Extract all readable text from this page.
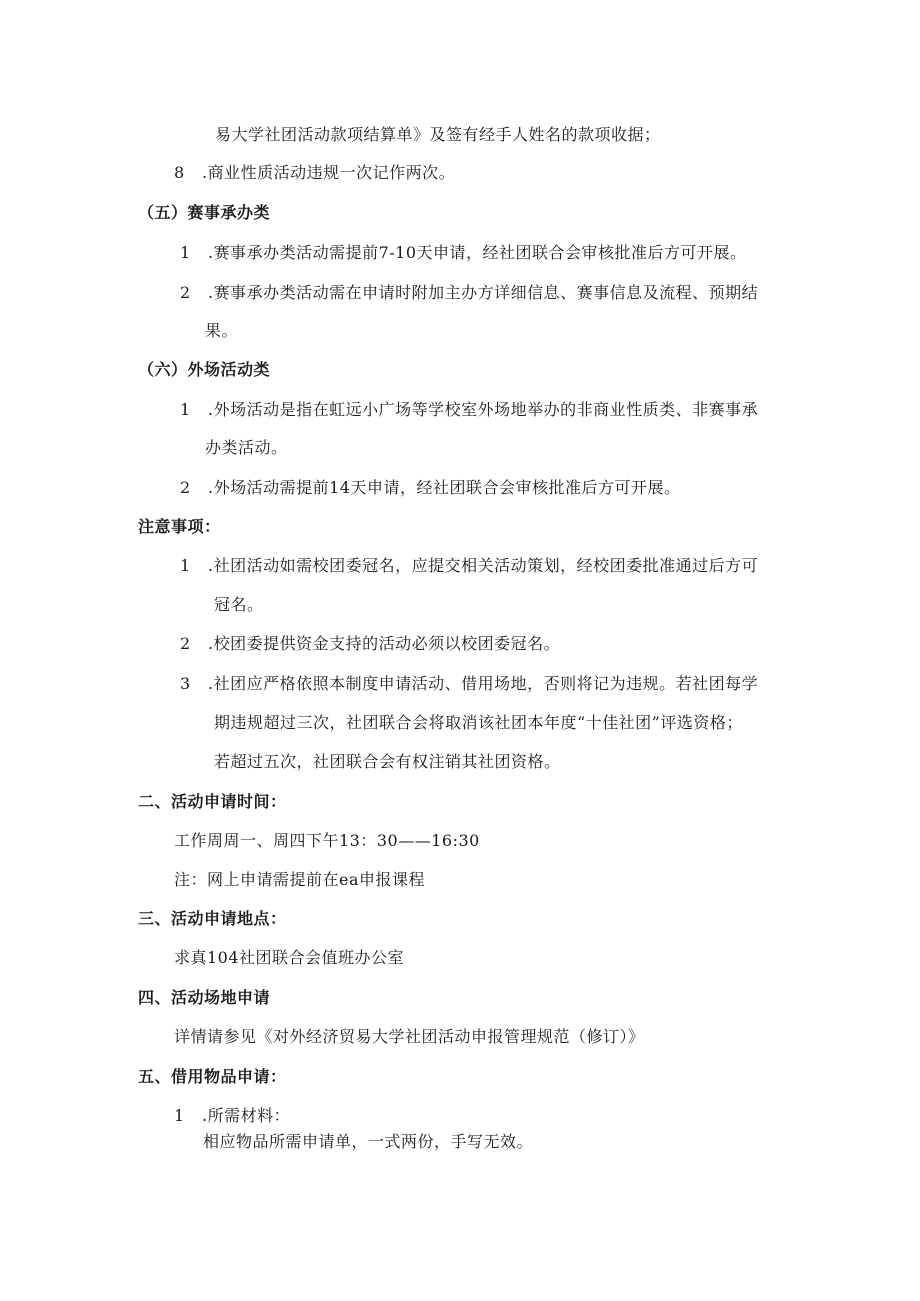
易大学社团活动款项结算单》及签有经手人姓名的款项收据；
8 .商业性质活动违规一次记作两次。
（五）赛事承办类
1 .赛事承办类活动需提前7-10天申请，经社团联合会审核批准后方可开展。
2 .赛事承办类活动需在申请时附加主办方详细信息、赛事信息及流程、预期结
果。
（六）外场活动类
1 .外场活动是指在虹远小广场等学校室外场地举办的非商业性质类、非赛事承
办类活动。
2 .外场活动需提前14天申请，经社团联合会审核批准后方可开展。
注意事项：
1 .社团活动如需校团委冠名，应提交相关活动策划，经校团委批准通过后方可
冠名。
2 .校团委提供资金支持的活动必须以校团委冠名。
3 .社团应严格依照本制度申请活动、借用场地，否则将记为违规。若社团每学
期违规超过三次，社团联合会将取消该社团本年度“十佳社团”评选资格；
若超过五次，社团联合会有权注销其社团资格。
二、活动申请时间：
工作周周一、周四下午13：30——16:30
注：网上申请需提前在ea申报课程
三、活动申请地点：
求真104社团联合会值班办公室
四、活动场地申请
详情请参见《对外经济贸易大学社团活动申报管理规范（修订）》
五、借用物品申请：
1 .所需材料：
相应物品所需申请单，一式两份，手写无效。
